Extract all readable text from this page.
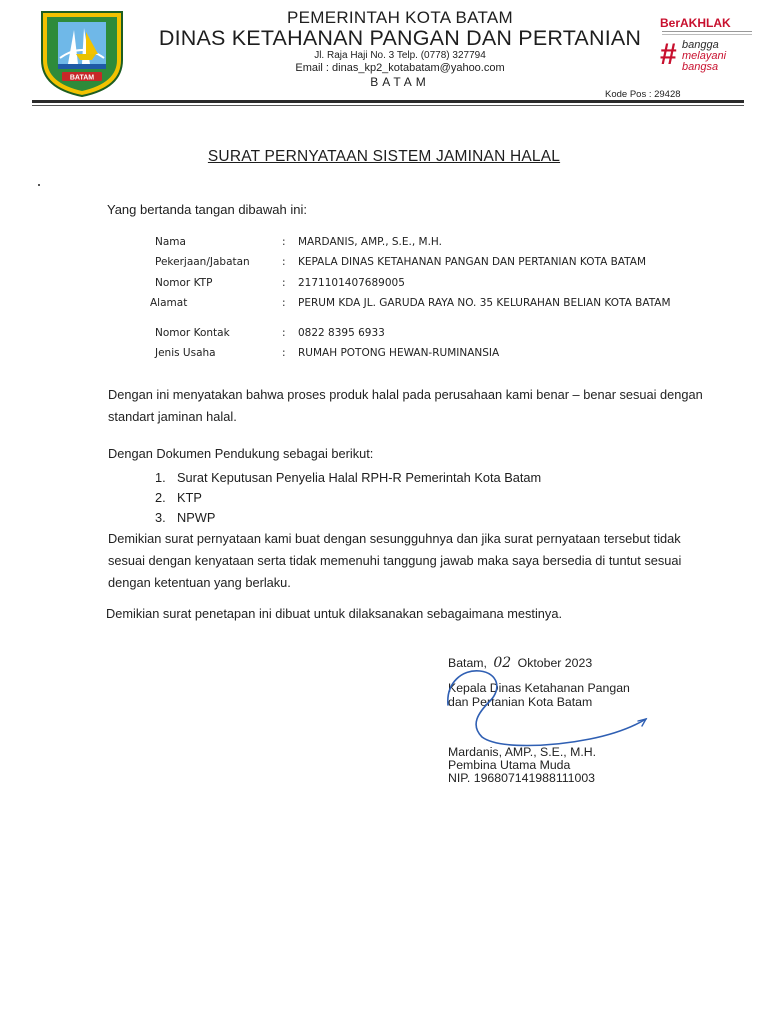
BATAM
PEMERINTAH KOTA BATAM
DINAS KETAHANAN PANGAN DAN PERTANIAN
Jl. Raja Haji No. 3 Telp. (0778) 327794
Email : dinas_kp2_kotabatam@yahoo.com
BATAM
BerAKHLAK
# bangga
melayani
bangsa
Kode Pos : 29428
SURAT PERNYATAAN SISTEM JAMINAN HALAL
Yang bertanda tangan dibawah ini:
Nama	: MARDANIS, AMP., S.E., M.H.
Pekerjaan/Jabatan	: KEPALA DINAS KETAHANAN PANGAN DAN PERTANIAN KOTA BATAM
Nomor KTP	: 2171101407689005
Alamat	: PERUM KDA JL. GARUDA RAYA NO. 35 KELURAHAN BELIAN KOTA BATAM
Nomor Kontak	: 0822 8395 6933
Jenis Usaha	: RUMAH POTONG HEWAN-RUMINANSIA
Dengan ini menyatakan bahwa proses produk halal pada perusahaan kami benar – benar sesuai dengan standart jaminan halal.
Dengan Dokumen Pendukung sebagai berikut:
1. Surat Keputusan Penyelia Halal RPH-R Pemerintah Kota Batam
2. KTP
3. NPWP
Demikian surat pernyataan kami buat dengan sesungguhnya dan jika surat pernyataan tersebut tidak sesuai dengan kenyataan serta tidak memenuhi tanggung jawab maka saya bersedia di tuntut sesuai dengan ketentuan yang berlaku.
Demikian surat penetapan ini dibuat untuk dilaksanakan sebagaimana mestinya.
Batam, 02 Oktober 2023
Kepala Dinas Ketahanan Pangan
dan Pertanian Kota Batam
Mardanis, AMP., S.E., M.H.
Pembina Utama Muda
NIP. 196807141988111003
